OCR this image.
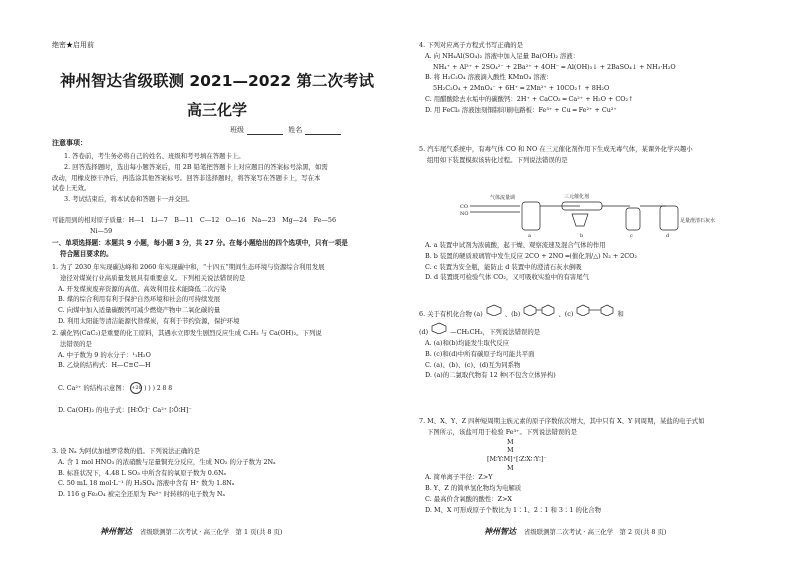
绝密★启用前
神州智达省级联测 2021—2022 第二次考试
高三化学
班级	姓名
注意事项：
1. 答卷前，考生务必将自己的姓名、班级和考号填在答题卡上。
2. 回答选择题时，选出每小题答案后，用 2B 铅笔把答题卡上对应题目的答案标号涂黑，如需
改动，用橡皮擦干净后，再选涂其他答案标号。回答非选择题时，将答案写在答题卡上，写在本
试卷上无效。
3. 考试结束后，将本试卷和答题卡一并交回。
可能用到的相对原子质量：H—1　Li—7　B—11　C—12　O—16　Na—23　Mg—24　Fe—56
Ni—59
一、单项选择题：本题共 9 小题，每小题 3 分，共 27 分。在每小题给出的四个选项中，只有一项是
符合题目要求的。
1. 为了 2030 年实现碳达峰和 2060 年实现碳中和，“十四五”期间生态环境与资源综合利用发展
途径对煤炭行业高质量发展具有重要意义。下列相关说法错误的是
A. 开发煤炭废弃资源的高值、高效利用技术能降低二次污染
B. 煤的综合利用有利于保护自然环境和社会的可持续发展
C. 向煤中加入适量碳酸钙可减少燃烧产物中二氧化碳的量
D. 利用太阳能等清洁能源代替煤炭，有利于节约资源，保护环境
2. 碳化钙(CaC₂)是重要的化工原料，其遇水立即发生剧烈反应生成 C₂H₂ 与 Ca(OH)₂。下列说
法错误的是
A. 中子数为 9 的水分子：¹₁H₂O
B. 乙炔的结构式：H—C≡C—H
C. Ca²⁺ 的结构示意图： +20 ) ) ) 2 8 8
D. Ca(OH)₂ 的电子式：[H∶Ö∶]⁻ Ca²⁺ [∶Ö∶H]⁻
3. 设 Nₐ 为阿伏加德罗常数的值。下列说法正确的是
A. 含 1 mol HNO₃ 的浓硝酸与足量铜充分反应，生成 NO₂ 的分子数为 2Nₐ
B. 标准状况下，4.48 L SO₃ 中所含有的氧原子数为 0.6Nₐ
C. 50 mL 18 mol·L⁻¹ 的 H₂SO₄ 溶液中含有 H⁺ 数为 1.8Nₐ
D. 116 g Fe₃O₄ 被完全还原为 Fe²⁺ 时转移的电子数为 Nₐ
神州智达 省级联测第二次考试 · 高三化学　第 1 页(共 8 页)
4. 下列对应离子方程式书写正确的是
A. 向 NH₄Al(SO₄)₂ 溶液中加入足量 Ba(OH)₂ 溶液：
NH₄⁺ + Al³⁺ + 2SO₄²⁻ + 2Ba²⁺ + 4OH⁻ ═ Al(OH)₃↓ + 2BaSO₄↓ + NH₃·H₂O
B. 将 H₂C₂O₄ 溶液滴入酸性 KMnO₄ 溶液：
5H₂C₂O₄ + 2MnO₄⁻ + 6H⁺ ═ 2Mn²⁺ + 10CO₂↑ + 8H₂O
C. 用醋酸除去水垢中的碳酸钙：2H⁺ + CaCO₃ ═ Ca²⁺ + H₂O + CO₂↑
D. 用 FeCl₃ 溶液蚀刻铜制印刷电路板：Fe³⁺ + Cu ═ Fe²⁺ + Cu²⁺
5. 汽车尾气系统中，有毒气体 CO 和 NO 在三元催化剂作用下生成无毒气体，某课外化学兴趣小
组用如下装置模拟该转化过程。下列说法错误的是
CO
NO
气体流量调	三元催化剂
足量澄清石灰水
a	b	c	d
A. a 装置中试剂为浓硫酸，起干燥、观察流速及混合气体的作用
B. b 装置的硬质玻璃管中发生反应 2CO + 2NO ═(催化剂/△) N₂ + 2CO₂
C. c 装置为安全瓶，能防止 d 装置中的澄清石灰水倒吸
D. d 装置既可检验气体 CO₂，又可吸收实验中的有害尾气
6. 关于有机化合物 (a)	、(b)	、(c)	和
(d)	—CH₂CH₃，下列说法错误的是
A. (a)和(b)均能发生取代反应
B. (c)和(d)中所有碳原子均可能共平面
C. (a)、(b)、(c)、(d)互为同系物
D. (a)的二氯取代物有 12 种(不包含立体异构)
7. M、X、Y、Z 四种短周期主族元素的原子序数依次增大，其中只有 X、Y 同周期，某盐的电子式如
下图所示，该盐可用于检验 Fe³⁺。下列说法错误的是
M
M
[M∶Y∶M]⁺[∶Z∶X∷Y∶]⁻
M
A. 简单离子半径：Z>Y
B. Y、Z 的简单氢化物均为电解质
C. 最高价含氧酸的酸性：Z>X
D. M、X 可形成原子个数比为 1∶1、2∶1 和 3∶1 的化合物
神州智达 省级联测第二次考试 · 高三化学　第 2 页(共 8 页)
